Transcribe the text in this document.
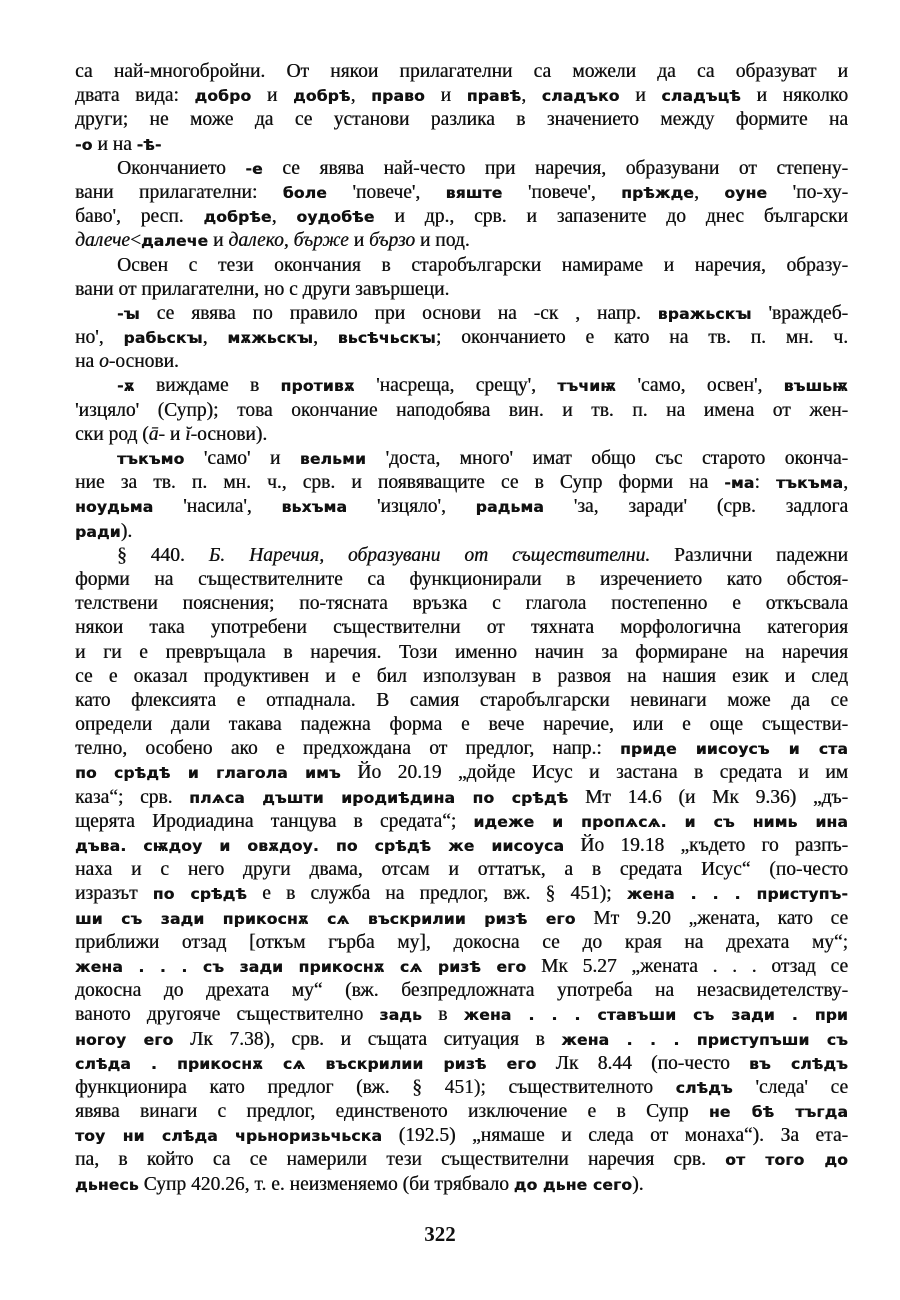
са най-многобройни. От някои прилагателни са можели да са образуват и
двата вида: добро и добрѣ, право и правѣ, сладъко и сладъцѣ и няколко
други; не може да се установи разлика в значението между формите на
-о и на -ѣ-
Окончанието -е се явява най-често при наречия, образувани от степену-
вани прилагателни: боле 'повече', вяште 'повече', прѣжде, оуне 'по-ху-
баво', респ. добрѣе, оудобѣе и др., срв. и запазените до днес български
далече<далече и далеко, бърже и бързо и под.
Освен с тези окончания в старобългарски намираме и наречия, образу-
вани от прилагателни, но с други завършеци.
-ꙑ се явява по правило при основи на -ск , напр. вражьскꙑ 'враждеб-
но', рабьскꙑ, мѫжьскꙑ, вьсѣчьскꙑ; окончанието е като на тв. п. мн. ч.
на о-основи.
-ѫ виждаме в противѫ 'насреща, срещу', тъчиѭ 'само, освен', въшьѭ
'изцяло' (Супр); това окончание наподобява вин. и тв. п. на имена от жен-
ски род (ā- и ĭ-основи).
тъкъмо 'само' и вельми 'доста, много' имат общо със старото оконча-
ние за тв. п. мн. ч., срв. и появяващите се в Супр форми на -ма: тъкъма,
ноудьма 'насила', вьхъма 'изцяло', радьма 'за, заради' (срв. задлога
ради).
§ 440. Б. Наречия, образувани от съществителни. Различни падежни
форми на съществителните са функционирали в изречението като обстоя-
телствени пояснения; по-тясната връзка с глагола постепенно е откъсвала
някои така употребени съществителни от тяхната морфологична категория
и ги е превръщала в наречия. Този именно начин за формиране на наречия
се е оказал продуктивен и е бил използуван в развоя на нашия език и след
като флексията е отпаднала. В самия старобългарски невинаги може да се
определи дали такава падежна форма е вече наречие, или е още съществи-
телно, особено ако е предхождана от предлог, напр.: приде иисоусъ и ста
по срѣдѣ и глагола имъ Йо 20.19 „дойде Исус и застана в средата и им
каза“; срв. плѧса дъшти иродиѣдина по срѣдѣ Мт 14.6 (и Мк 9.36) „дъ-
щерята Иродиадина танцува в средата“; идеже и пропѧсѧ. и съ нимь ина
дъва. сѭдоу и овѫдоу. по срѣдѣ же иисоуса Йо 19.18 „където го разпъ-
наха и с него други двама, отсам и оттатък, а в средата Исус“ (по-често
изразът по срѣдѣ е в служба на предлог, вж. § 451); жена . . . приступъ-
ши съ зади прикоснѫ сѧ въскрилии ризѣ его Мт 9.20 „жената, като се
приближи отзад [откъм гърба му], докосна се до края на дрехата му“;
жена . . . съ зади прикоснѫ сѧ ризѣ его Мк 5.27 „жената . . . отзад се
докосна до дрехата му“ (вж. безпредложната употреба на незасвидетелству-
ваното другояче съществително задь в жена . . . ставъши съ зади . при
ногоу его Лк 7.38), срв. и същата ситуация в жена . . . приступъши съ
слѣда . прикоснѫ сѧ въскрилии ризѣ его Лк 8.44 (по-често въ слѣдъ
функционира като предлог (вж. § 451); съществителното слѣдъ 'следа' се
явява винаги с предлог, единственото изключение е в Супр не бѣ тъгда
тоу ни слѣда чрьноризьчьска (192.5) „нямаше и следа от монаха“). За ета-
па, в който са се намерили тези съществителни наречия срв. от того до
дьнесь Супр 420.26, т. е. неизменяемо (би трябвало до дьне сего).
322
